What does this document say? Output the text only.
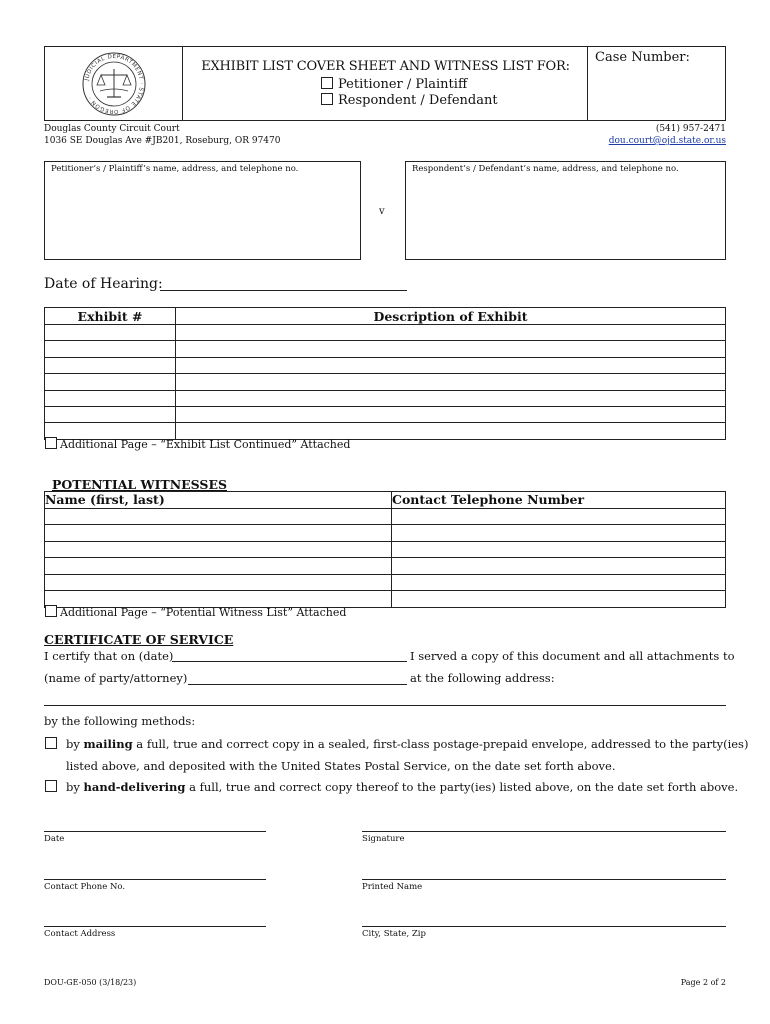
JUDICIAL DEPARTMENT · STATE OF OREGON ·
EXHIBIT LIST COVER SHEET AND WITNESS LIST FOR:
Petitioner / Plaintiff
Respondent / Defendant
Case Number:
Douglas County Circuit Court
1036 SE Douglas Ave #JB201, Roseburg, OR 97470
(541) 957-2471
dou.court@ojd.state.or.us
Petitioner’s / Plaintiff’s name, address, and telephone no.
v
Respondent’s / Defendant’s name, address, and telephone no.
Date of Hearing:
Exhibit #	Description of Exhibit

Additional Page – “Exhibit List Continued” Attached
POTENTIAL WITNESSES
Name (first, last)	Contact Telephone Number

Additional Page – “Potential Witness List” Attached
CERTIFICATE OF SERVICE
I certify that on (date)	I served a copy of this document and all attachments to
(name of party/attorney)	at the following address:
by the following methods:
by mailing a full, true and correct copy in a sealed, first-class postage-prepaid envelope, addressed to the party(ies)
listed above, and deposited with the United States Postal Service, on the date set forth above.
by hand-delivering a full, true and correct copy thereof to the party(ies) listed above, on the date set forth above.
Date	Signature
Contact Phone No.	Printed Name
Contact Address	City, State, Zip
DOU-GE-050 (3/18/23)	Page 2 of 2
